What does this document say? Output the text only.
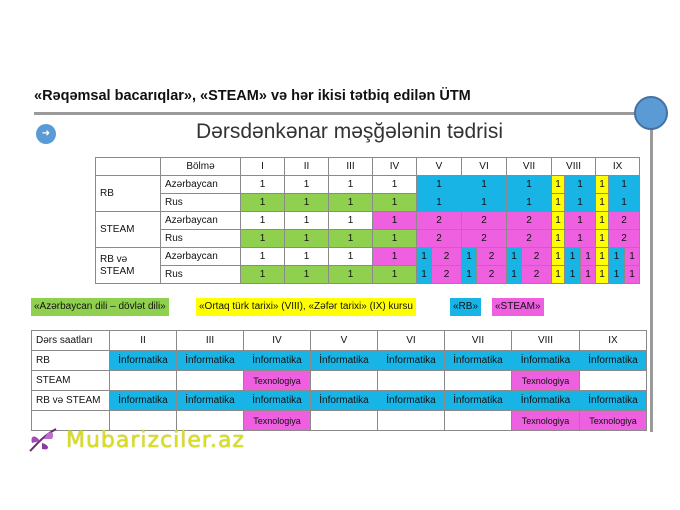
«Rəqəmsal bacarıqlar», «STEAM» və hər ikisi tətbiq edilən ÜTM
➜	Dərsdənkənar məşğələnin tədrisi
	Bölmə	I	II	III	IV	V		VI		VII		VIII			IX		
RB	Azərbaycan	1	1	1	1	1		1		1		1	1		1	1	
	Rus	1	1	1	1	1		1		1		1	1		1	1	
STEAM	Azərbaycan	1	1	1	1	2		2		2		1	1		1	2	
	Rus	1	1	1	1	2		2		2		1	1		1	2	
RB və STEAM	Azərbaycan	1	1	1	1	1	2	1	2	1	2	1	1	1	1	1	1
	Rus	1	1	1	1	1	2	1	2	1	2	1	1	1	1	1	1
«Azərbaycan dili – dövlət dili»	«Ortaq türk tarixi» (VIII), «Zəfər tarixi» (IX) kursu	«RB»	«STEAM»
Dərs saatları	II	III	IV	V	VI	VII	VIII	IX
RB	İnformatika	İnformatika	İnformatika	İnformatika	İnformatika	İnformatika	İnformatika	İnformatika
STEAM			Texnologiya				Texnologiya	
RB və STEAM	İnformatika	İnformatika	İnformatika	İnformatika	İnformatika	İnformatika	İnformatika	İnformatika
			Texnologiya				Texnologiya	Texnologiya
Mubarizciler.az
